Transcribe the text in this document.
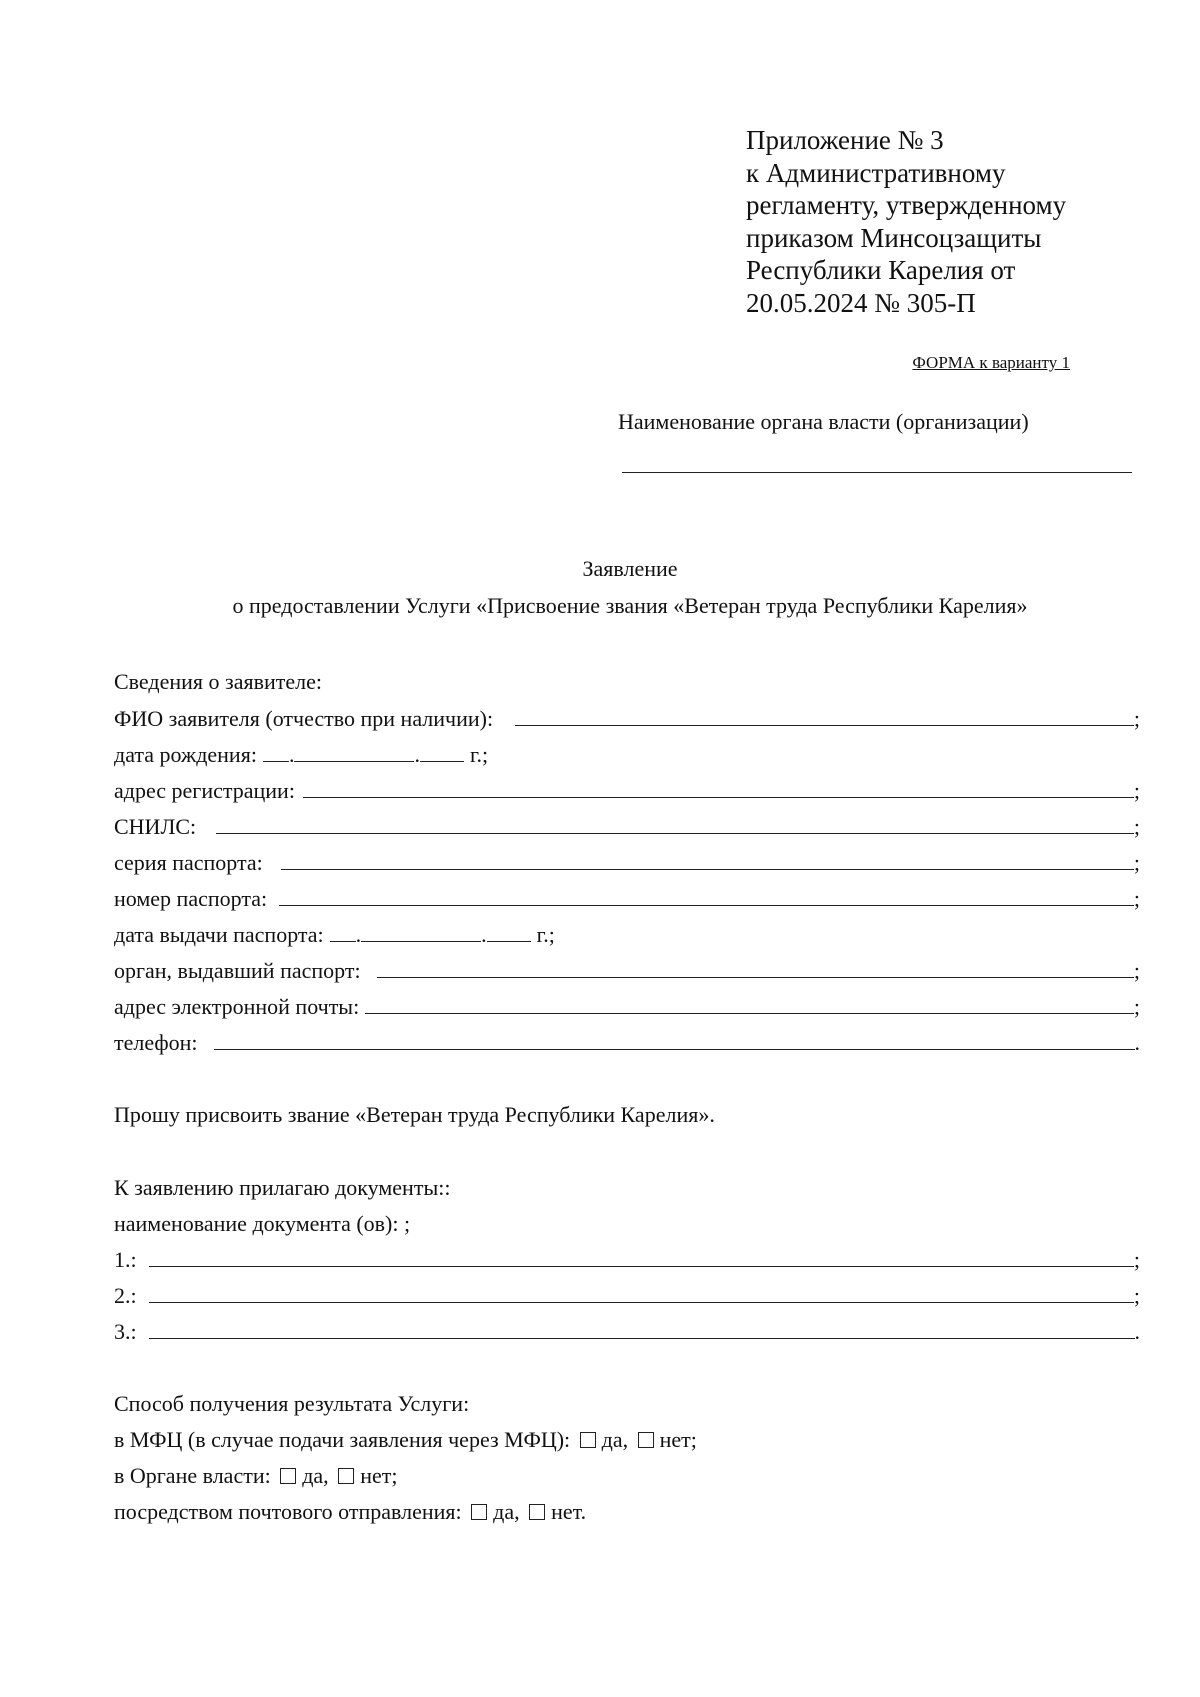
Приложение № 3
к Административному
регламенту, утвержденному
приказом Минсоцзащиты
Республики Карелия от
20.05.2024 № 305-П
ФОРМА к варианту 1
Наименование органа власти (организации)
Заявление
о предоставлении Услуги «Присвоение звания «Ветеран труда Республики Карелия»
Сведения о заявителе:
ФИО заявителя (отчество при наличии):	;
дата рождения: .	. г.;
адрес регистрации:	;
СНИЛС:	;
серия паспорта:	;
номер паспорта:	;
дата выдачи паспорта: .	. г.;
орган, выдавший паспорт:	;
адрес электронной почты:	;
телефон:	.
Прошу присвоить звание «Ветеран труда Республики Карелия».
К заявлению прилагаю документы::
наименование документа (ов): ;
1.:	;
2.:	;
3.:	.
Способ получения результата Услуги:
в МФЦ (в случае подачи заявления через МФЦ): да, нет;
в Органе власти: да, нет;
посредством почтового отправления: да, нет.
